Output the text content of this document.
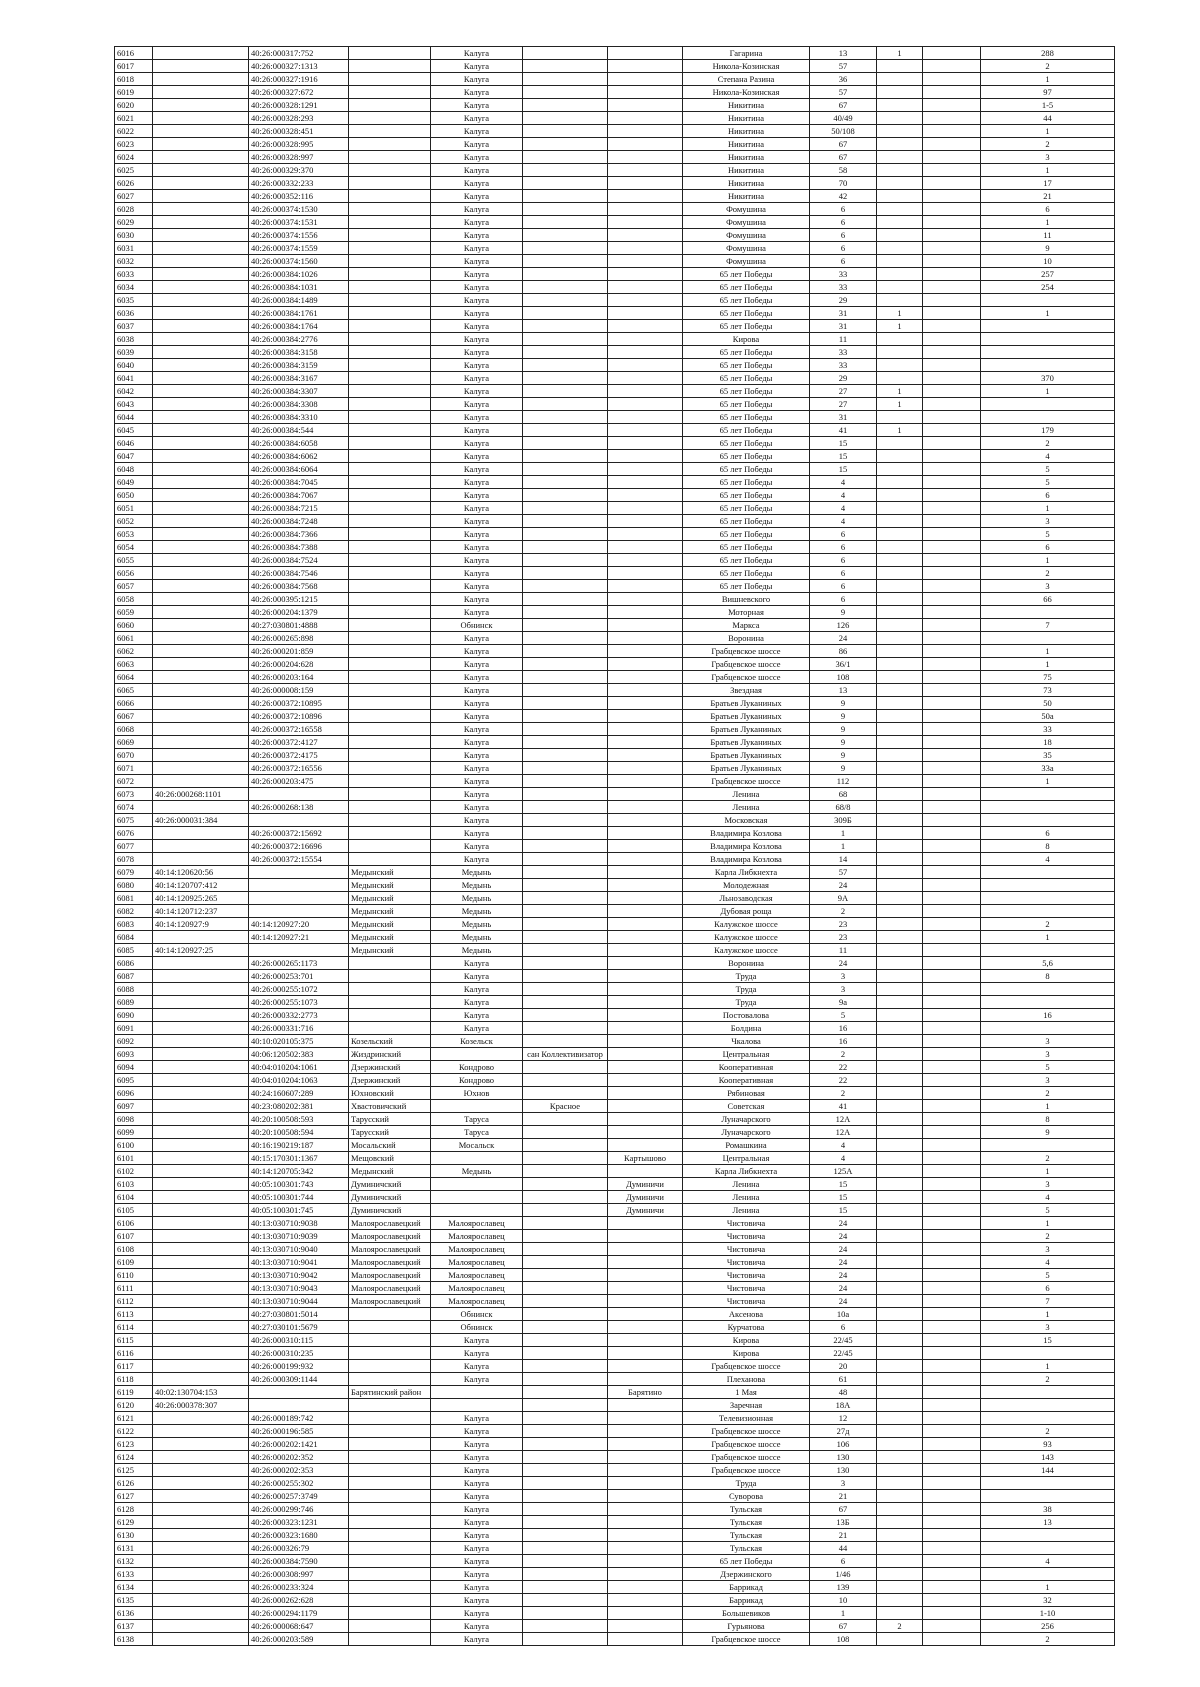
6016		40:26:000317:752		Калуга			Гагарина	13	1		288
6017		40:26:000327:1313		Калуга			Никола-Козинская	57			2
6018		40:26:000327:1916		Калуга			Степана Разина	36			1
6019		40:26:000327:672		Калуга			Никола-Козинская	57			97
6020		40:26:000328:1291		Калуга			Никитина	67			1-5
6021		40:26:000328:293		Калуга			Никитина	40/49			44
6022		40:26:000328:451		Калуга			Никитина	50/108			1
6023		40:26:000328:995		Калуга			Никитина	67			2
6024		40:26:000328:997		Калуга			Никитина	67			3
6025		40:26:000329:370		Калуга			Никитина	58			1
6026		40:26:000332:233		Калуга			Никитина	70			17
6027		40:26:000352:116		Калуга			Никитина	42			21
6028		40:26:000374:1530		Калуга			Фомушина	6			6
6029		40:26:000374:1531		Калуга			Фомушина	6			1
6030		40:26:000374:1556		Калуга			Фомушина	6			11
6031		40:26:000374:1559		Калуга			Фомушина	6			9
6032		40:26:000374:1560		Калуга			Фомушина	6			10
6033		40:26:000384:1026		Калуга			65 лет Победы	33			257
6034		40:26:000384:1031		Калуга			65 лет Победы	33			254
6035		40:26:000384:1489		Калуга			65 лет Победы	29			
6036		40:26:000384:1761		Калуга			65 лет Победы	31	1		1
6037		40:26:000384:1764		Калуга			65 лет Победы	31	1		
6038		40:26:000384:2776		Калуга			Кирова	11			
6039		40:26:000384:3158		Калуга			65 лет Победы	33			
6040		40:26:000384:3159		Калуга			65 лет Победы	33			
6041		40:26:000384:3167		Калуга			65 лет Победы	29			370
6042		40:26:000384:3307		Калуга			65 лет Победы	27	1		1
6043		40:26:000384:3308		Калуга			65 лет Победы	27	1		
6044		40:26:000384:3310		Калуга			65 лет Победы	31			
6045		40:26:000384:544		Калуга			65 лет Победы	41	1		179
6046		40:26:000384:6058		Калуга			65 лет Победы	15			2
6047		40:26:000384:6062		Калуга			65 лет Победы	15			4
6048		40:26:000384:6064		Калуга			65 лет Победы	15			5
6049		40:26:000384:7045		Калуга			65 лет Победы	4			5
6050		40:26:000384:7067		Калуга			65 лет Победы	4			6
6051		40:26:000384:7215		Калуга			65 лет Победы	4			1
6052		40:26:000384:7248		Калуга			65 лет Победы	4			3
6053		40:26:000384:7366		Калуга			65 лет Победы	6			5
6054		40:26:000384:7388		Калуга			65 лет Победы	6			6
6055		40:26:000384:7524		Калуга			65 лет Победы	6			1
6056		40:26:000384:7546		Калуга			65 лет Победы	6			2
6057		40:26:000384:7568		Калуга			65 лет Победы	6			3
6058		40:26:000395:1215		Калуга			Вишневского	6			66
6059		40:26:000204:1379		Калуга			Моторная	9			
6060		40:27:030801:4888		Обнинск			Маркса	126			7
6061		40:26:000265:898		Калуга			Воронина	24			
6062		40:26:000201:859		Калуга			Грабцевское шоссе	86			1
6063		40:26:000204:628		Калуга			Грабцевское шоссе	36/1			1
6064		40:26:000203:164		Калуга			Грабцевское шоссе	108			75
6065		40:26:000008:159		Калуга			Звездная	13			73
6066		40:26:000372:10895		Калуга			Братьев Луканиных	9			50
6067		40:26:000372:10896		Калуга			Братьев Луканиных	9			50а
6068		40:26:000372:16558		Калуга			Братьев Луканиных	9			33
6069		40:26:000372:4127		Калуга			Братьев Луканиных	9			18
6070		40:26:000372:4175		Калуга			Братьев Луканиных	9			35
6071		40:26:000372:16556		Калуга			Братьев Луканиных	9			33а
6072		40:26:000203:475		Калуга			Грабцевское шоссе	112			1
6073	40:26:000268:1101			Калуга			Ленина	68			
6074		40:26:000268:138		Калуга			Ленина	68/8			
6075	40:26:000031:384			Калуга			Московская	309Б			
6076		40:26:000372:15692		Калуга			Владимира Козлова	1			6
6077		40:26:000372:16696		Калуга			Владимира Козлова	1			8
6078		40:26:000372:15554		Калуга			Владимира Козлова	14			4
6079	40:14:120620:56		Медынский	Медынь			Карла Либкнехта	57			
6080	40:14:120707:412		Медынский	Медынь			Молодежная	24			
6081	40:14:120925:265		Медынский	Медынь			Льнозаводская	9А			
6082	40:14:120712:237		Медынский	Медынь			Дубовая роща	2			
6083	40:14:120927:9	40:14:120927:20	Медынский	Медынь			Калужское шоссе	23			2
6084		40:14:120927:21	Медынский	Медынь			Калужское шоссе	23			1
6085	40:14:120927:25		Медынский	Медынь			Калужское шоссе	11			
6086		40:26:000265:1173		Калуга			Воронина	24			5,6
6087		40:26:000253:701		Калуга			Труда	3			8
6088		40:26:000255:1072		Калуга			Труда	3			
6089		40:26:000255:1073		Калуга			Труда	9а			
6090		40:26:000332:2773		Калуга			Постовалова	5			16
6091		40:26:000331:716		Калуга			Болдина	16			
6092		40:10:020105:375	Козельский	Козельск			Чкалова	16			3
6093		40:06:120502:383	Жиздринский		сан Коллективизатор		Центральная	2			3
6094		40:04:010204:1061	Дзержинский	Кондрово			Кооперативная	22			5
6095		40:04:010204:1063	Дзержинский	Кондрово			Кооперативная	22			3
6096		40:24:160607:289	Юхновский	Юхнов			Рябиновая	2			2
6097		40:23:080202:381	Хвастовичский		Красное		Советская	41			1
6098		40:20:100508:593	Тарусский	Таруса			Луначарского	12А			8
6099		40:20:100508:594	Тарусский	Таруса			Луначарского	12А			9
6100		40:16:190219:187	Мосальский	Мосальск			Ромашкина	4			
6101		40:15:170301:1367	Мещовский			Картышово	Центральная	4			2
6102		40:14:120705:342	Медынский	Медынь			Карла Либкнехта	125А			1
6103		40:05:100301:743	Думиничский			Думиничи	Ленина	15			3
6104		40:05:100301:744	Думиничский			Думиничи	Ленина	15			4
6105		40:05:100301:745	Думиничский			Думиничи	Ленина	15			5
6106		40:13:030710:9038	Малоярославецкий	Малоярославец			Чистовича	24			1
6107		40:13:030710:9039	Малоярославецкий	Малоярославец			Чистовича	24			2
6108		40:13:030710:9040	Малоярославецкий	Малоярославец			Чистовича	24			3
6109		40:13:030710:9041	Малоярославецкий	Малоярославец			Чистовича	24			4
6110		40:13:030710:9042	Малоярославецкий	Малоярославец			Чистовича	24			5
6111		40:13:030710:9043	Малоярославецкий	Малоярославец			Чистовича	24			6
6112		40:13:030710:9044	Малоярославецкий	Малоярославец			Чистовича	24			7
6113		40:27:030801:5014		Обнинск			Аксенова	10а			1
6114		40:27:030101:5679		Обнинск			Курчатова	6			3
6115		40:26:000310:115		Калуга			Кирова	22/45			15
6116		40:26:000310:235		Калуга			Кирова	22/45			
6117		40:26:000199:932		Калуга			Грабцевское шоссе	20			1
6118		40:26:000309:1144		Калуга			Плеханова	61			2
6119	40:02:130704:153		Барятинский район			Барятино	1 Мая	48			
6120	40:26:000378:307						Заречная	18А			
6121		40:26:000189:742		Калуга			Телевизионная	12			
6122		40:26:000196:585		Калуга			Грабцевское шоссе	27д			2
6123		40:26:000202:1421		Калуга			Грабцевское шоссе	106			93
6124		40:26:000202:352		Калуга			Грабцевское шоссе	130			143
6125		40:26:000202:353		Калуга			Грабцевское шоссе	130			144
6126		40:26:000255:302		Калуга			Труда	3			
6127		40:26:000257:3749		Калуга			Суворова	21			
6128		40:26:000299:746		Калуга			Тульская	67			38
6129		40:26:000323:1231		Калуга			Тульская	13Б			13
6130		40:26:000323:1680		Калуга			Тульская	21			
6131		40:26:000326:79		Калуга			Тульская	44			
6132		40:26:000384:7590		Калуга			65 лет Победы	6			4
6133		40:26:000308:997		Калуга			Дзержинского	1/46			
6134		40:26:000233:324		Калуга			Баррикад	139			1
6135		40:26:000262:628		Калуга			Баррикад	10			32
6136		40:26:000294:1179		Калуга			Большевиков	1			1-10
6137		40:26:000068:647		Калуга			Гурьянова	67	2		256
6138		40:26:000203:589		Калуга			Грабцевское шоссе	108			2
